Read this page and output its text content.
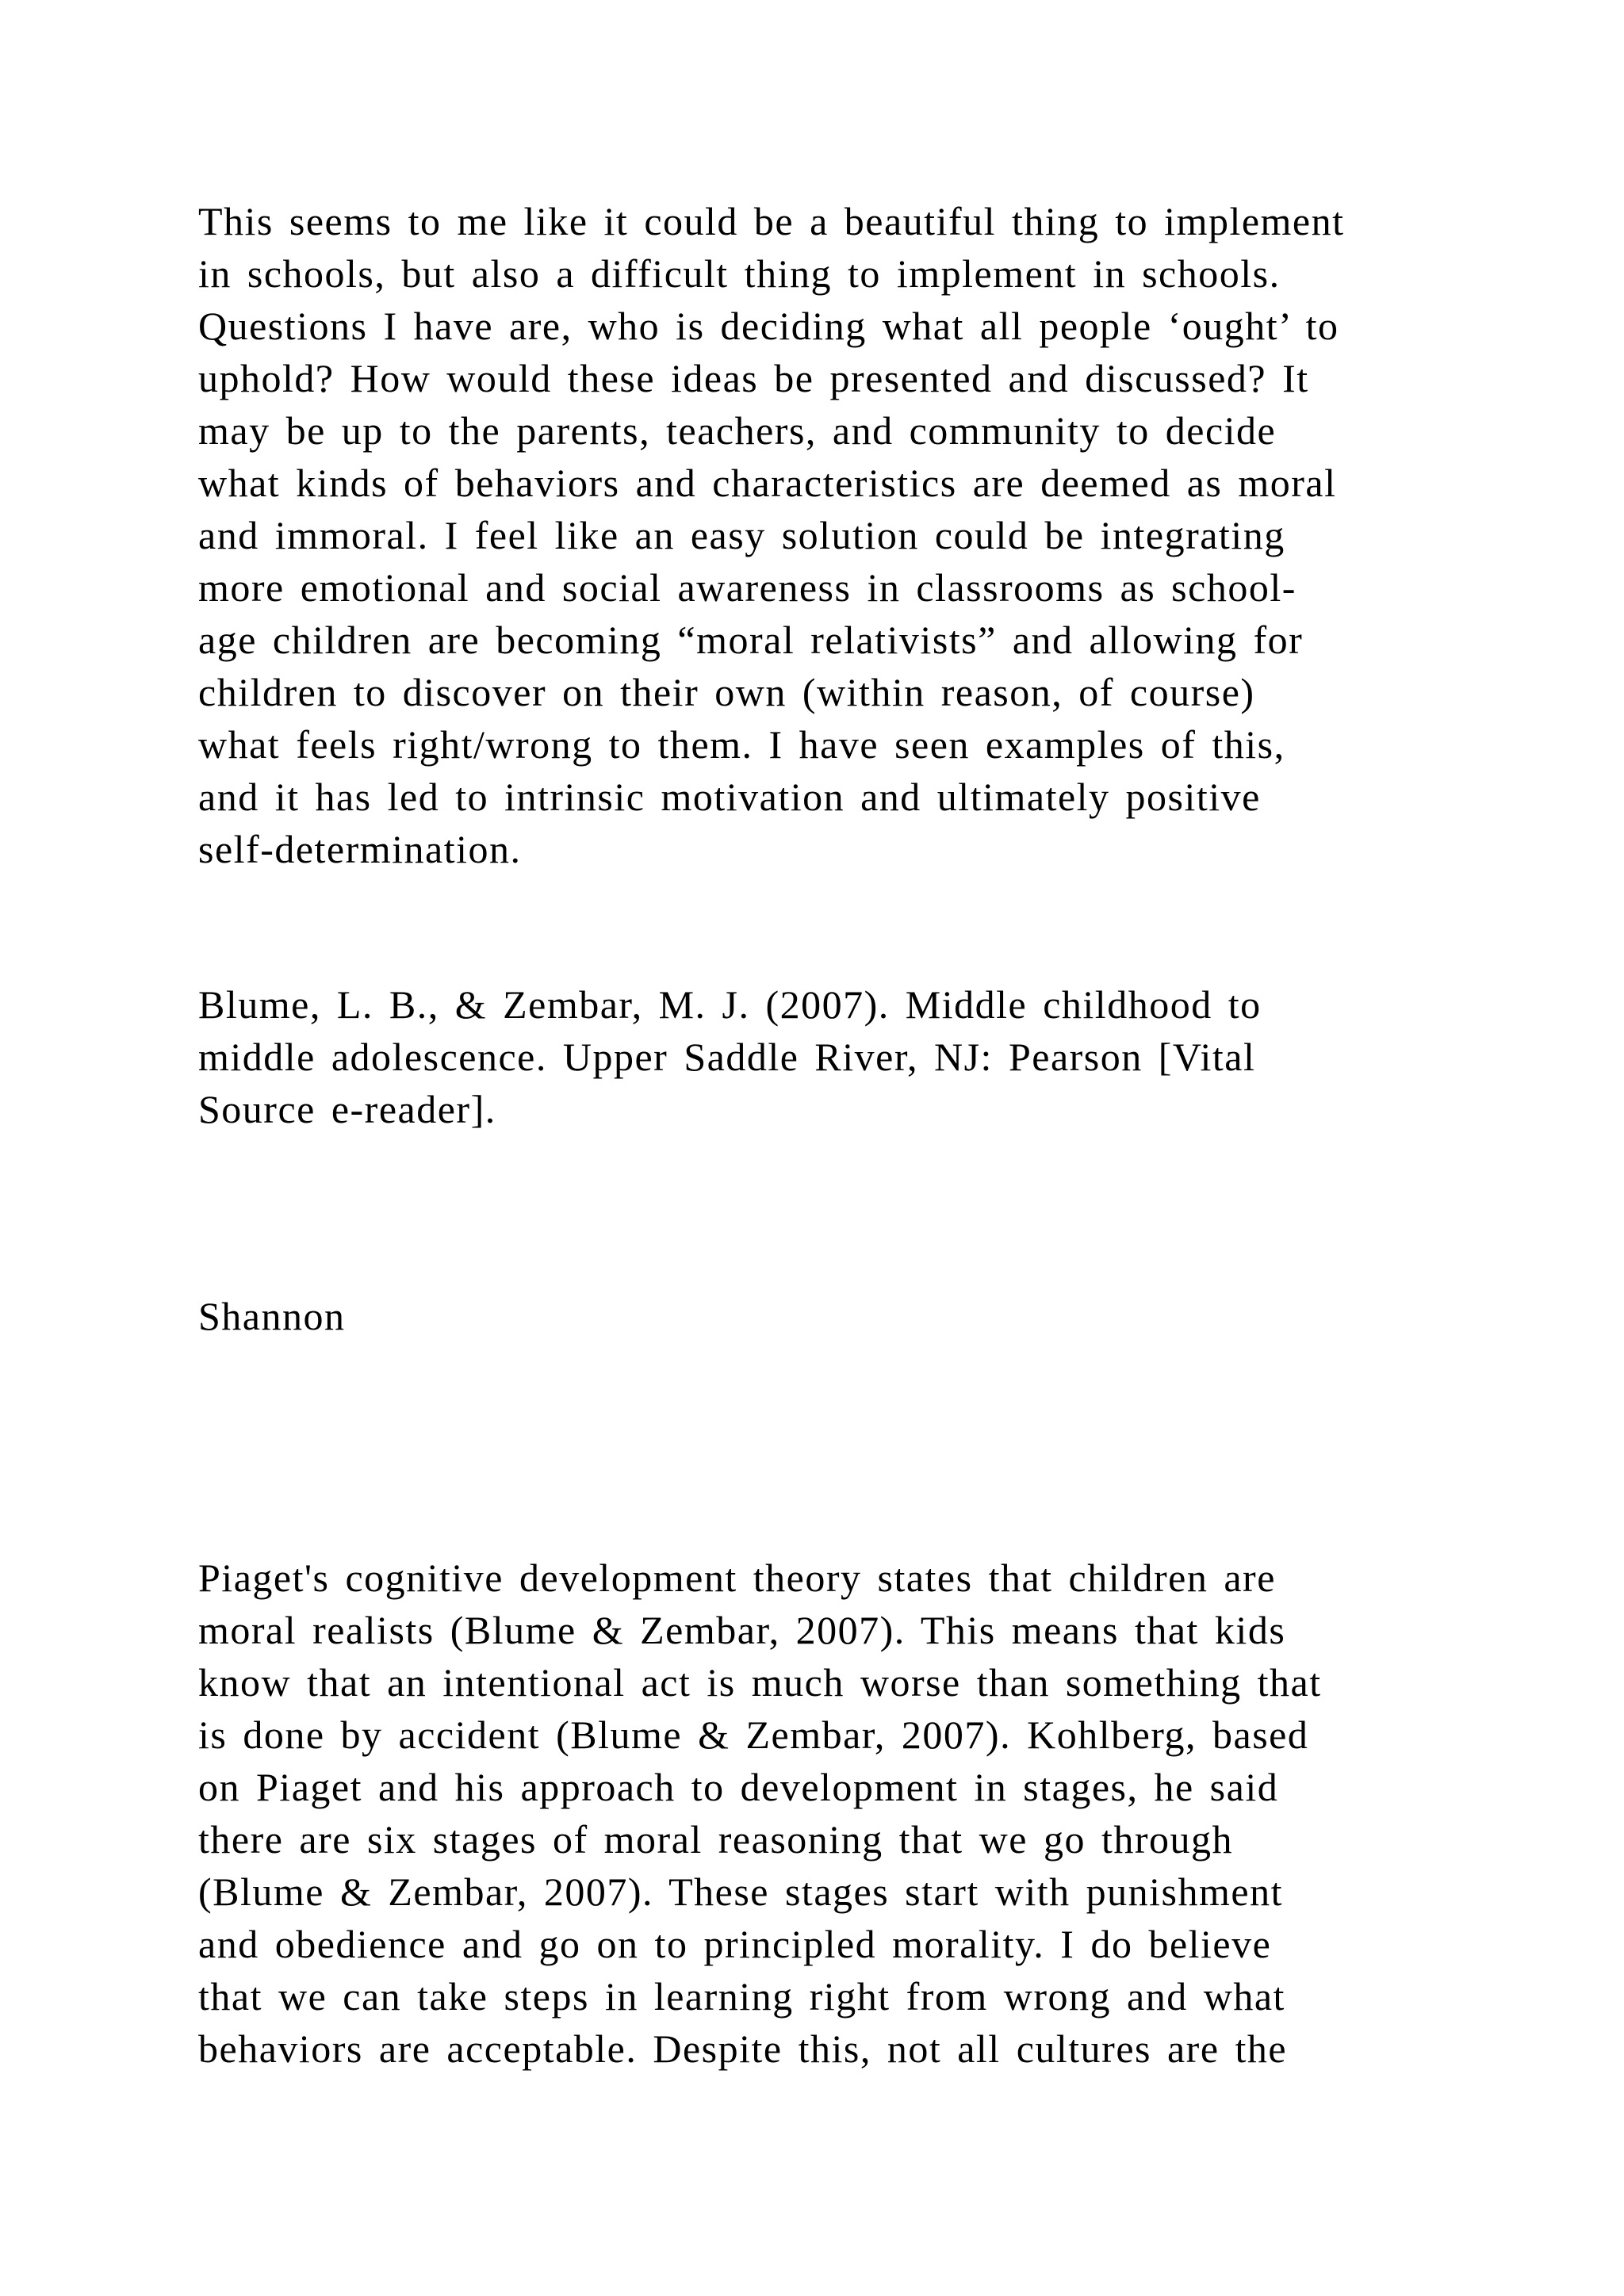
This seems to me like it could be a beautiful thing to implement
in schools, but also a difficult thing to implement in schools.
Questions I have are, who is deciding what all people ‘ought’ to
uphold? How would these ideas be presented and discussed? It
may be up to the parents, teachers, and community to decide
what kinds of behaviors and characteristics are deemed as moral
and immoral. I feel like an easy solution could be integrating
more emotional and social awareness in classrooms as school-
age children are becoming “moral relativists” and allowing for
children to discover on their own (within reason, of course)
what feels right/wrong to them. I have seen examples of this,
and it has led to intrinsic motivation and ultimately positive
self-determination.
Blume, L. B., & Zembar, M. J. (2007). Middle childhood to
middle adolescence. Upper Saddle River, NJ: Pearson [Vital
Source e-reader].
Shannon
Piaget's cognitive development theory states that children are
moral realists (Blume & Zembar, 2007). This means that kids
know that an intentional act is much worse than something that
is done by accident (Blume & Zembar, 2007). Kohlberg, based
on Piaget and his approach to development in stages, he said
there are six stages of moral reasoning that we go through
(Blume & Zembar, 2007). These stages start with punishment
and obedience and go on to principled morality. I do believe
that we can take steps in learning right from wrong and what
behaviors are acceptable. Despite this, not all cultures are the
